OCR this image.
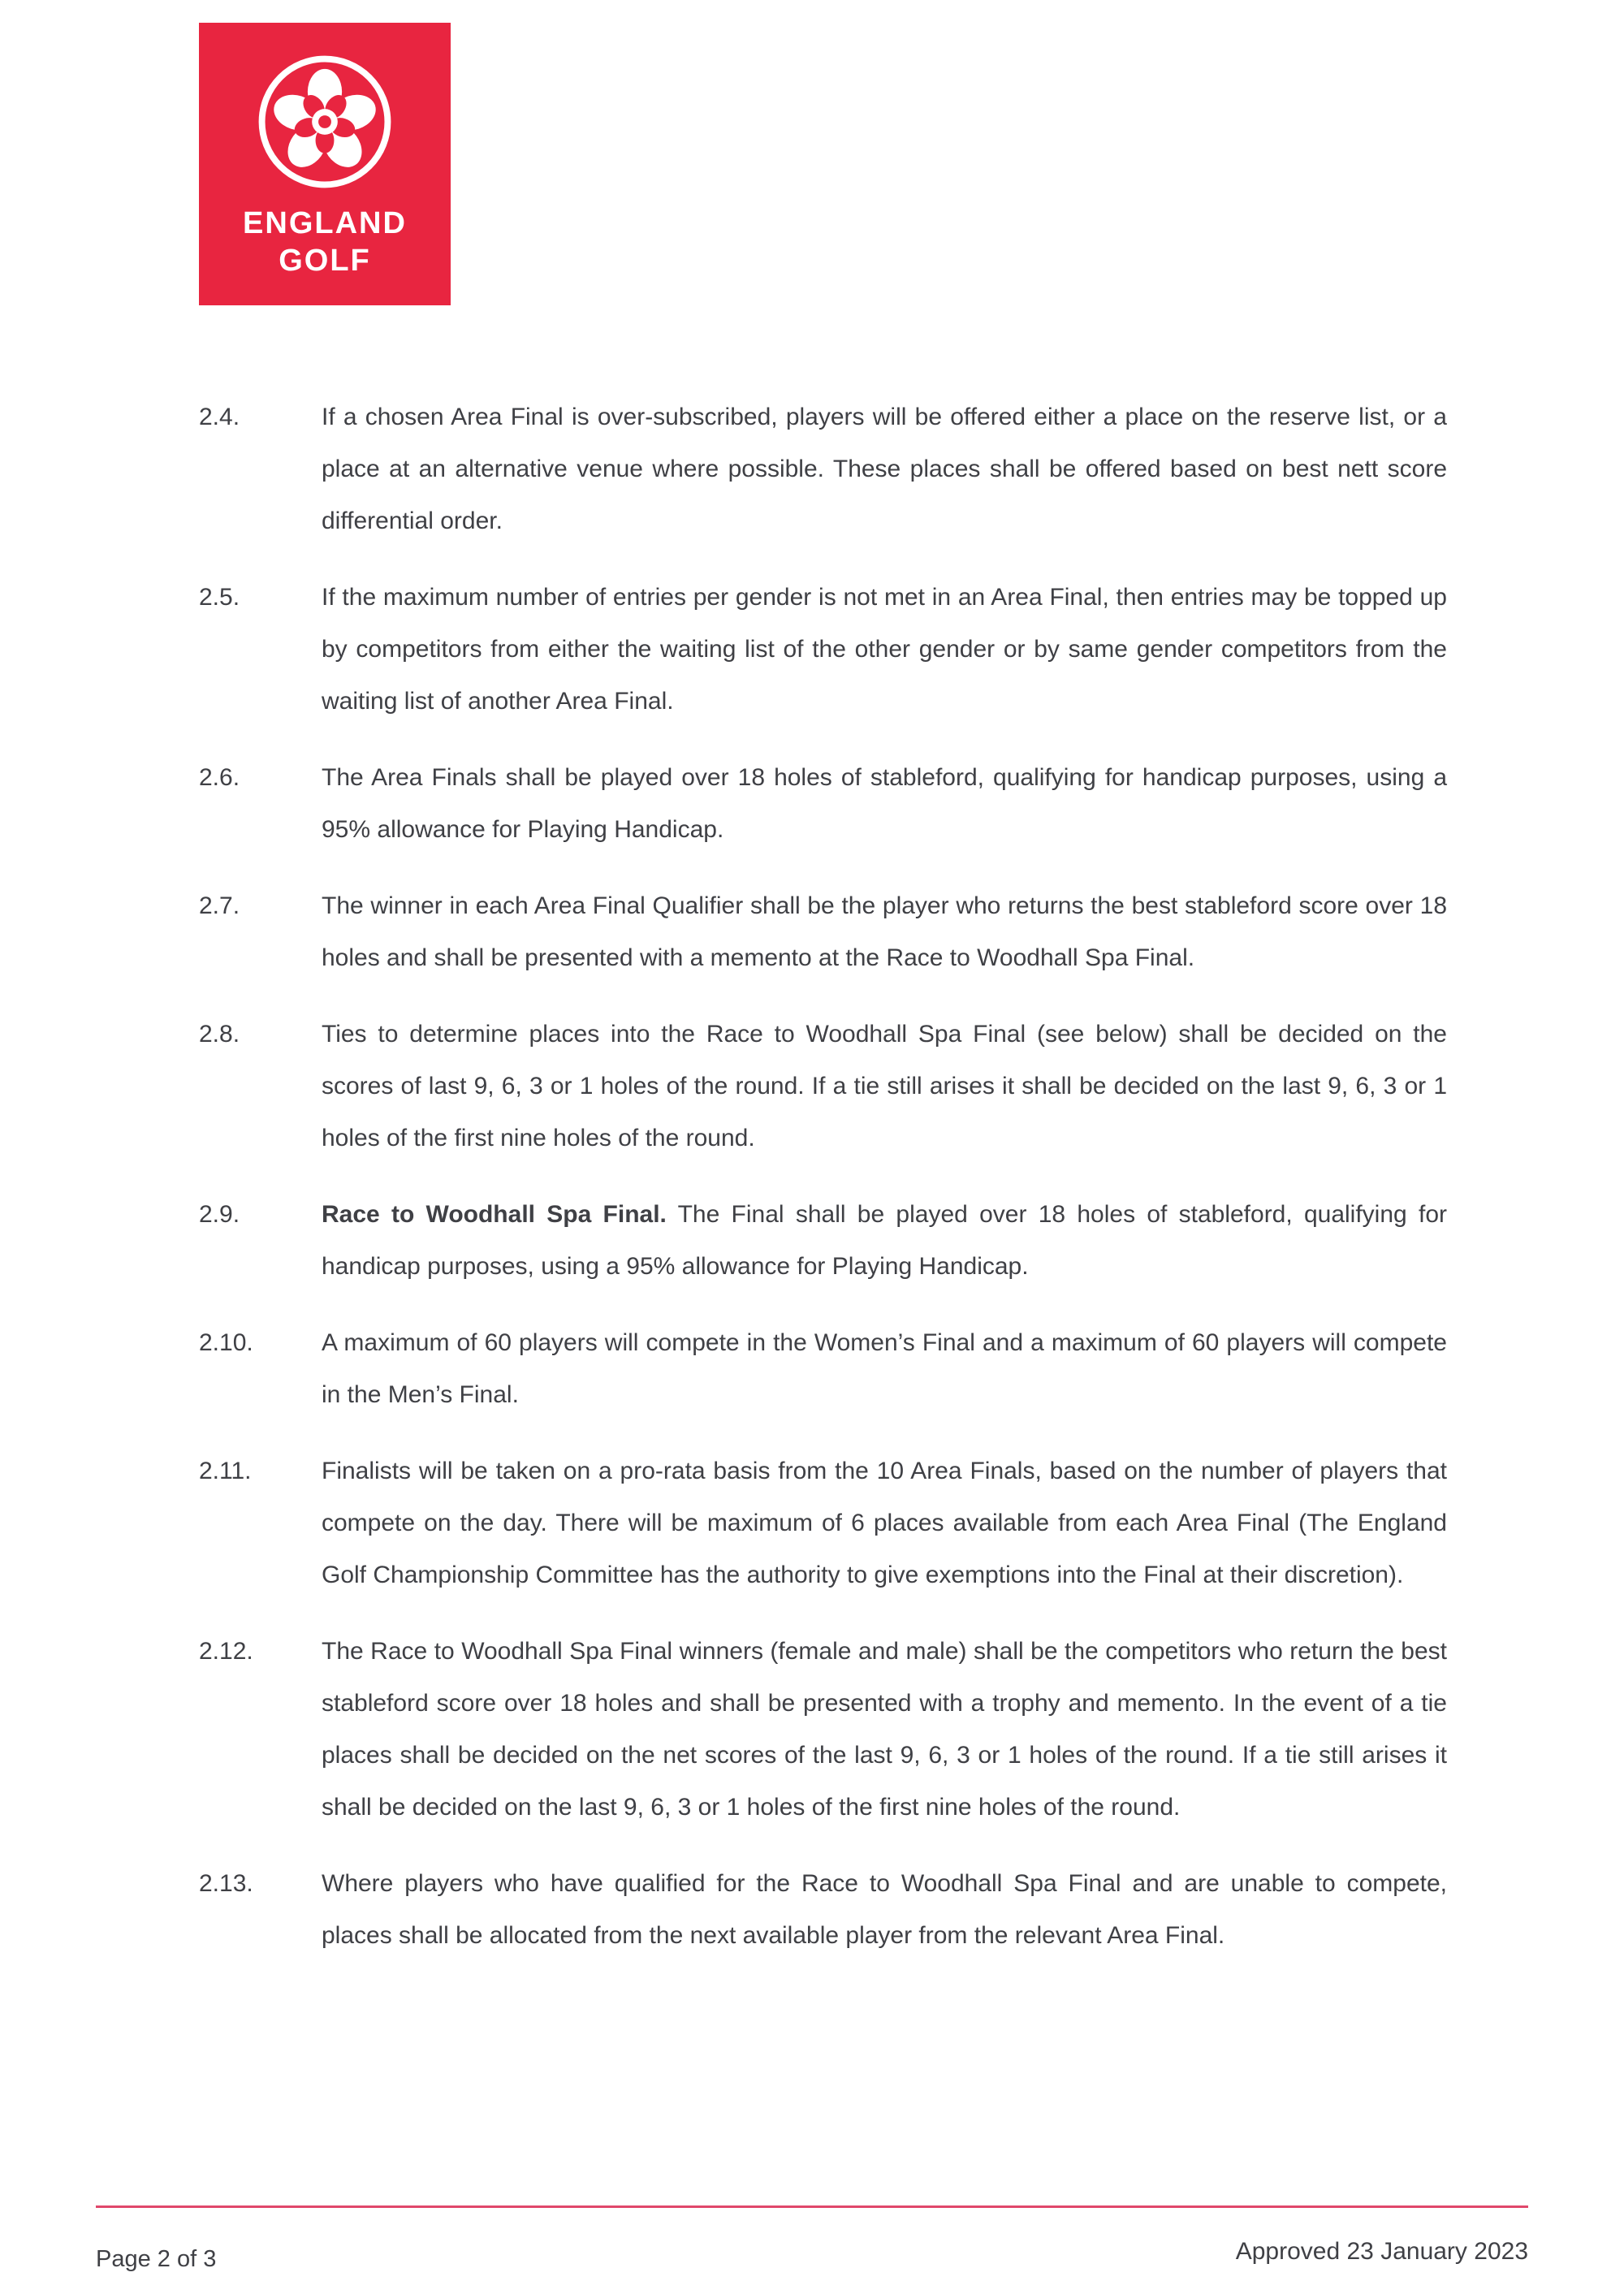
ENGLAND
GOLF
2.4.	If a chosen Area Final is over-subscribed, players will be offered either a place on the reserve list, or a place at an alternative venue where possible. These places shall be offered based on best nett score differential order.
2.5.	If the maximum number of entries per gender is not met in an Area Final, then entries may be topped up by competitors from either the waiting list of the other gender or by same gender competitors from the waiting list of another Area Final.
2.6.	The Area Finals shall be played over 18 holes of stableford, qualifying for handicap purposes, using a 95% allowance for Playing Handicap.
2.7.	The winner in each Area Final Qualifier shall be the player who returns the best stableford score over 18 holes and shall be presented with a memento at the Race to Woodhall Spa Final.
2.8.	Ties to determine places into the Race to Woodhall Spa Final (see below) shall be decided on the scores of last 9, 6, 3 or 1 holes of the round. If a tie still arises it shall be decided on the last 9, 6, 3 or 1 holes of the first nine holes of the round.
2.9.	Race to Woodhall Spa Final. The Final shall be played over 18 holes of stableford, qualifying for handicap purposes, using a 95% allowance for Playing Handicap.
2.10.	A maximum of 60 players will compete in the Women’s Final and a maximum of 60 players will compete in the Men’s Final.
2.11.	Finalists will be taken on a pro-rata basis from the 10 Area Finals, based on the number of players that compete on the day. There will be maximum of 6 places available from each Area Final (The England Golf Championship Committee has the authority to give exemptions into the Final at their discretion).
2.12.	The Race to Woodhall Spa Final winners (female and male) shall be the competitors who return the best stableford score over 18 holes and shall be presented with a trophy and memento. In the event of a tie places shall be decided on the net scores of the last 9, 6, 3 or 1 holes of the round. If a tie still arises it shall be decided on the last 9, 6, 3 or 1 holes of the first nine holes of the round.
2.13.	Where players who have qualified for the Race to Woodhall Spa Final and are unable to compete, places shall be allocated from the next available player from the relevant Area Final.
Page 2 of 3	Approved 23 January 2023
